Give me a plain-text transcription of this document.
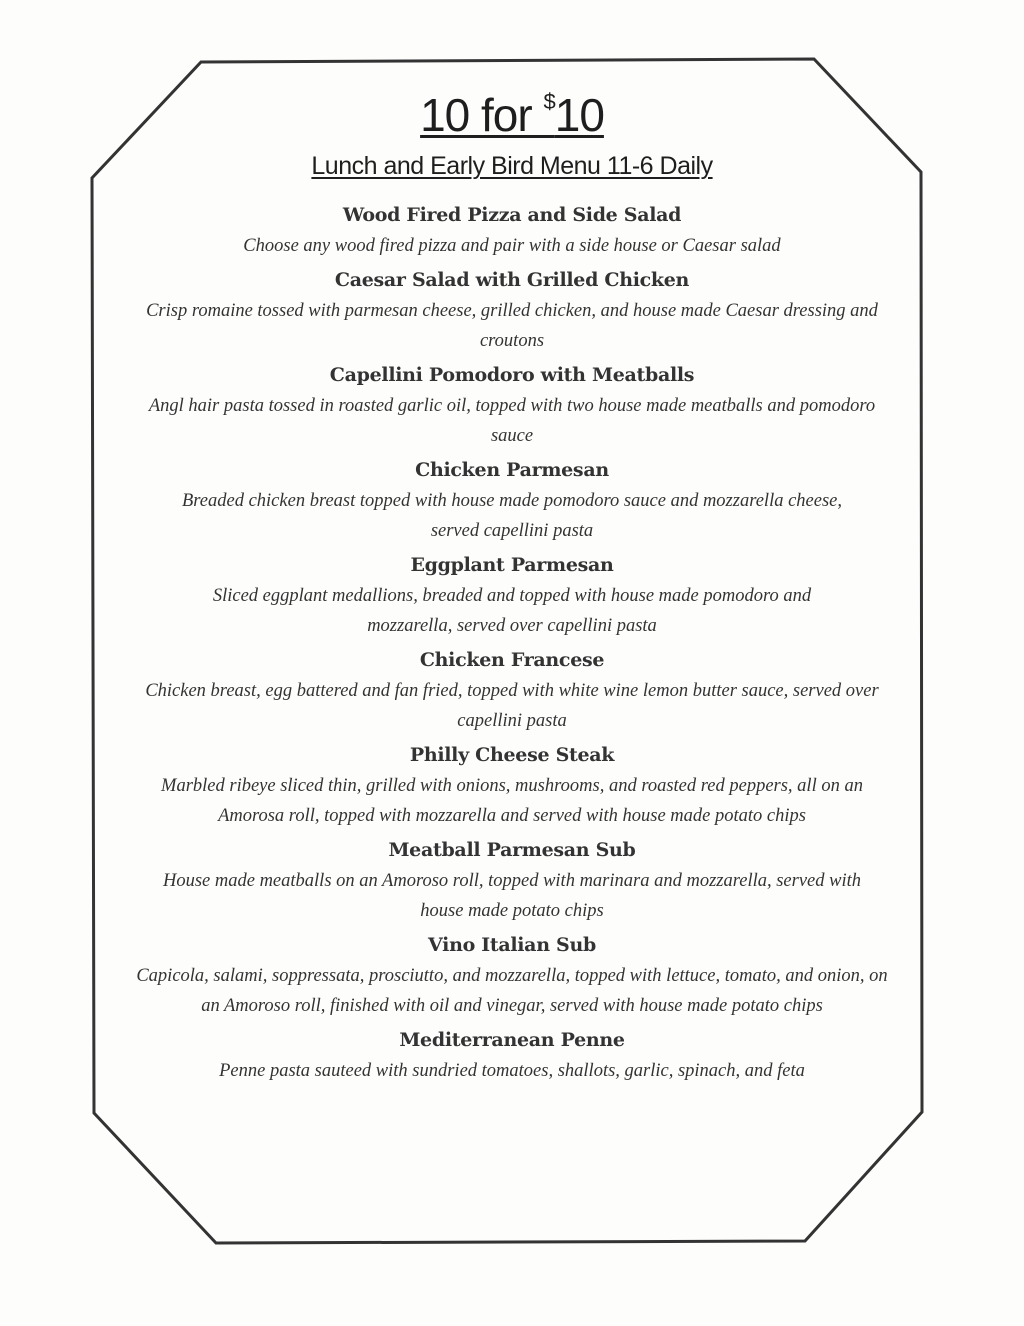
10 for $10
Lunch and Early Bird Menu 11-6 Daily
Wood Fired Pizza and Side Salad
Choose any wood fired pizza and pair with a side house or Caesar salad
Caesar Salad with Grilled Chicken
Crisp romaine tossed with parmesan cheese, grilled chicken, and house made Caesar dressing and croutons
Capellini Pomodoro with Meatballs
Angl hair pasta tossed in roasted garlic oil, topped with two house made meatballs and pomodoro sauce
Chicken Parmesan
Breaded chicken breast topped with house made pomodoro sauce and mozzarella cheese, served capellini pasta
Eggplant Parmesan
Sliced eggplant medallions, breaded and topped with house made pomodoro and mozzarella, served over capellini pasta
Chicken Francese
Chicken breast, egg battered and fan fried, topped with white wine lemon butter sauce, served over capellini pasta
Philly Cheese Steak
Marbled ribeye sliced thin, grilled with onions, mushrooms, and roasted red peppers, all on an Amorosa roll, topped with mozzarella and served with house made potato chips
Meatball Parmesan Sub
House made meatballs on an Amoroso roll, topped with marinara and mozzarella, served with house made potato chips
Vino Italian Sub
Capicola, salami, soppressata, prosciutto, and mozzarella, topped with lettuce, tomato, and onion, on an Amoroso roll, finished with oil and vinegar, served with house made potato chips
Mediterranean Penne
Penne pasta sauteed with sundried tomatoes, shallots, garlic, spinach, and feta
